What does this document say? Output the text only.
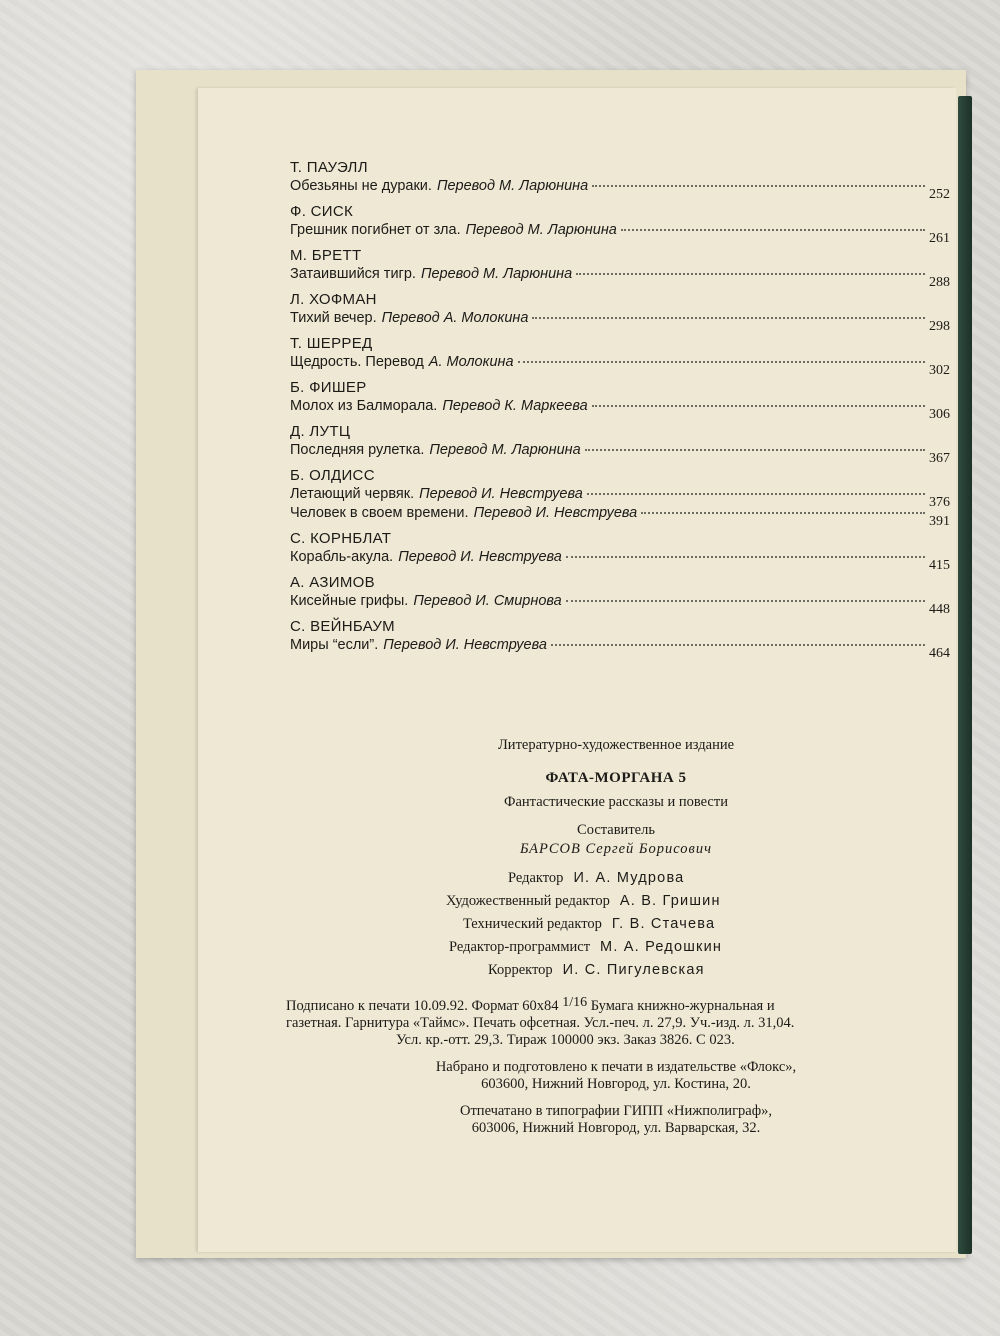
Т. ПАУЭЛЛ
Обезьяны не дураки. Перевод М. Ларюнина
252
Ф. СИСК
Грешник погибнет от зла. Перевод М. Ларюнина
261
М. БРЕТТ
Затаившийся тигр. Перевод М. Ларюнина
288
Л. ХОФМАН
Тихий вечер. Перевод А. Молокина
298
Т. ШЕРРЕД
Щедрость. Перевод А. Молокина
302
Б. ФИШЕР
Молох из Балморала. Перевод К. Маркеева
306
Д. ЛУТЦ
Последняя рулетка. Перевод М. Ларюнина
367
Б. ОЛДИСС
Летающий червяк. Перевод И. Невструева
376
Человек в своем времени. Перевод И. Невструева
391
С. КОРНБЛАТ
Корабль-акула. Перевод И. Невструева
415
А. АЗИМОВ
Кисейные грифы. Перевод И. Смирнова
448
С. ВЕЙНБАУМ
Миры “если”. Перевод И. Невструева
464
Литературно-художественное издание
ФАТА-МОРГАНА 5
Фантастические рассказы и повести
Составитель
БАРСОВ Сергей Борисович
Редактор И. А. Мудрова
Художественный редактор А. В. Гришин
Технический редактор Г. В. Стачева
Редактор-программист М. А. Редошкин
Корректор И. С. Пигулевская

Подписано к печати 10.09.92. Формат 60х84 1/16 Бумага книжно-журнальная и

газетная. Гарнитура «Таймс». Печать офсетная. Усл.-печ. л. 27,9. Уч.-изд. л. 31,04.

Усл. кр.-отт. 29,3. Тираж 100000 экз. Заказ 3826. С 023.

Набрано и подготовлено к печати в издательстве «Флокс»,

603600, Нижний Новгород, ул. Костина, 20.

Отпечатано в типографии ГИПП «Нижполиграф»,

603006, Нижний Новгород, ул. Варварская, 32.
